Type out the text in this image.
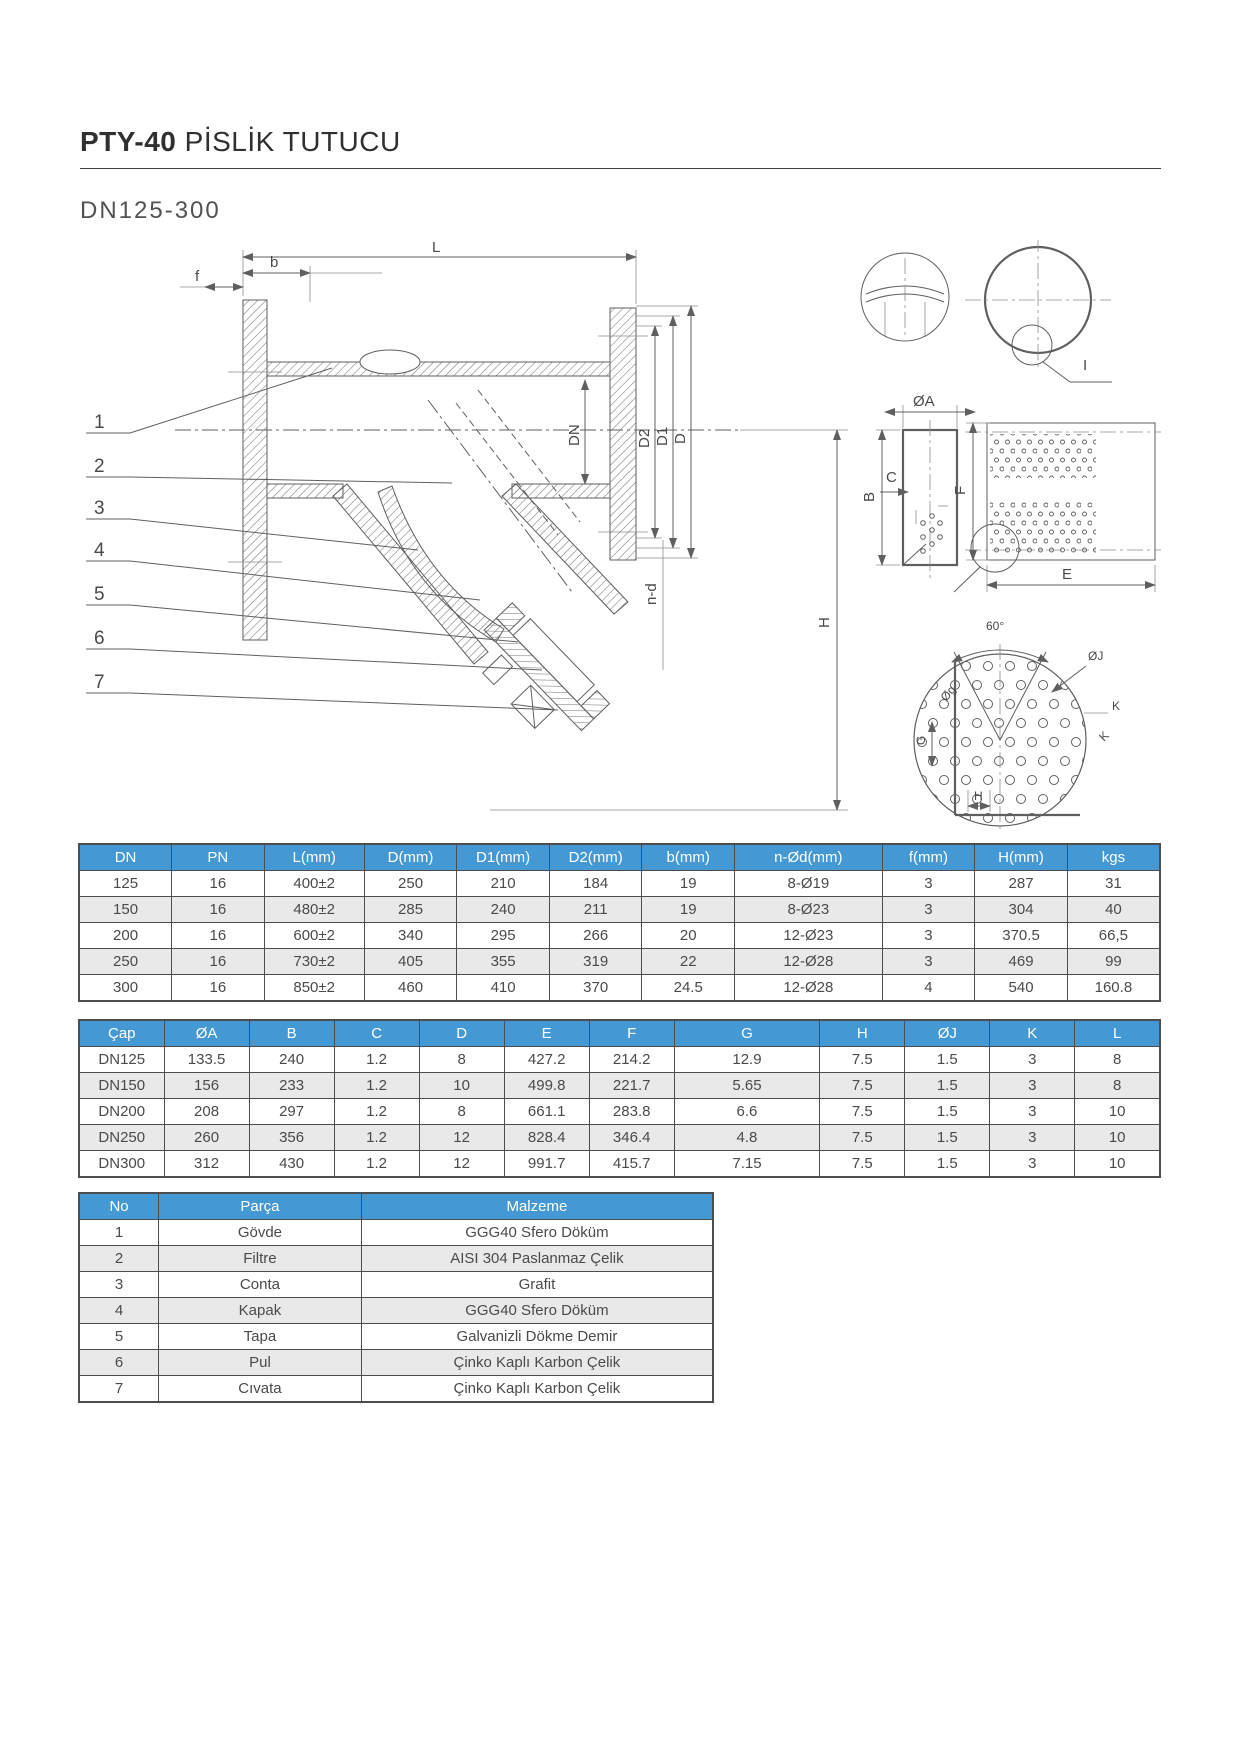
PTY-40 PİSLİK TUTUCU
DN125-300
L
b
f
DN	D2 D1 D
n-d
H
1
2
3
4
5
6
7
I
ØA
B
C
F
E
60°
ØJ
K
K
G
Øg
H
DN	PN	L(mm)	D(mm)	D1(mm)	D2(mm)	b(mm)	n-Ød(mm)	f(mm)	H(mm)	kgs
125	16	400±2	250	210	184	19	8-Ø19	3	287	31
150	16	480±2	285	240	211	19	8-Ø23	3	304	40
200	16	600±2	340	295	266	20	12-Ø23	3	370.5	66,5
250	16	730±2	405	355	319	22	12-Ø28	3	469	99
300	16	850±2	460	410	370	24.5	12-Ø28	4	540	160.8
Çap	ØA	B	C	D	E	F	G	H	ØJ	K	L
DN125	133.5	240	1.2	8	427.2	214.2	12.9	7.5	1.5	3	8
DN150	156	233	1.2	10	499.8	221.7	5.65	7.5	1.5	3	8
DN200	208	297	1.2	8	661.1	283.8	6.6	7.5	1.5	3	10
DN250	260	356	1.2	12	828.4	346.4	4.8	7.5	1.5	3	10
DN300	312	430	1.2	12	991.7	415.7	7.15	7.5	1.5	3	10
No	Parça	Malzeme
1	Gövde	GGG40 Sfero Döküm
2	Filtre	AISI 304 Paslanmaz Çelik
3	Conta	Grafit
4	Kapak	GGG40 Sfero Döküm
5	Tapa	Galvanizli Dökme Demir
6	Pul	Çinko Kaplı Karbon Çelik
7	Cıvata	Çinko Kaplı Karbon Çelik
